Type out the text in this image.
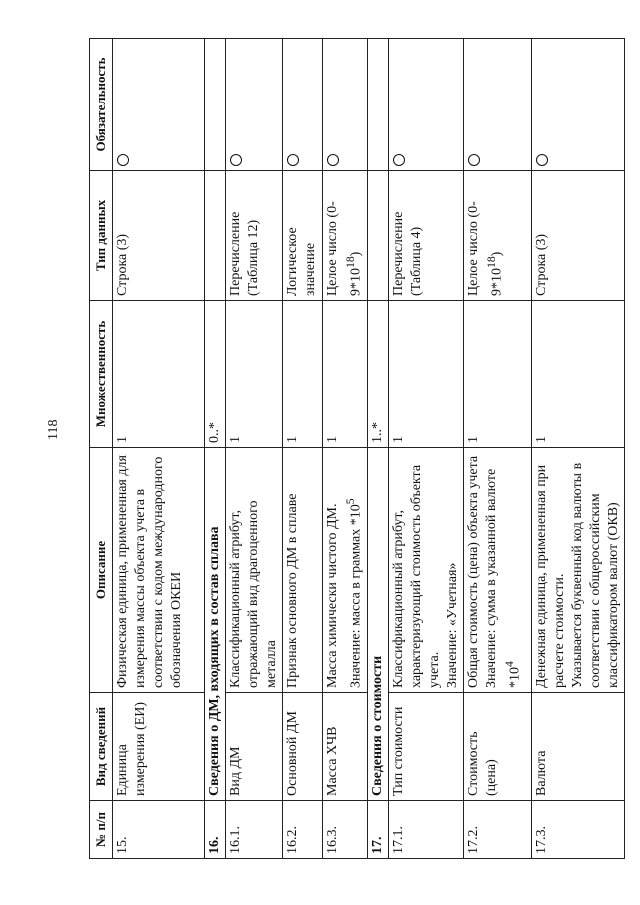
118
№ п/п	Вид сведений	Описание	Множественность	Тип данных	Обязательность
15.	Единица измерения (ЕИ)	Физическая единица, примененная для измерения массы объекта учета в соответствии с кодом международного обозначения ОКЕИ	1	Строка (3)	
16.	Сведения о ДМ, входящих в состав сплава		0..*		
16.1.	Вид ДМ	Классификационный атрибут, отражающий вид драгоценного металла	1	Перечисление (Таблица 12)	
16.2.	Основной ДМ	Признак основного ДМ в сплаве	1	Логическое значение	
16.3.	Масса ХЧВ	Масса химически чистого ДМ.
Значение: масса в граммах $*10^5$	1	Целое число $(0-9*10^{18})$	
17.	Сведения о стоимости		1..*		
17.1.	Тип стоимости	Классификационный атрибут, характеризующий стоимость объекта учета.
Значение: «Учетная»	1	Перечисление (Таблица 4)	
17.2.	Стоимость (цена)	Общая стоимость (цена) объекта учета
Значение: сумма в указанной валюте $*10^4$	1	Целое число $(0-9*10^{18})$	
17.3.	Валюта	Денежная единица, примененная при расчете стоимости.
Указывается буквенный код валюты в соответствии с общероссийским классификатором валют (ОКВ)	1	Строка (3)	
